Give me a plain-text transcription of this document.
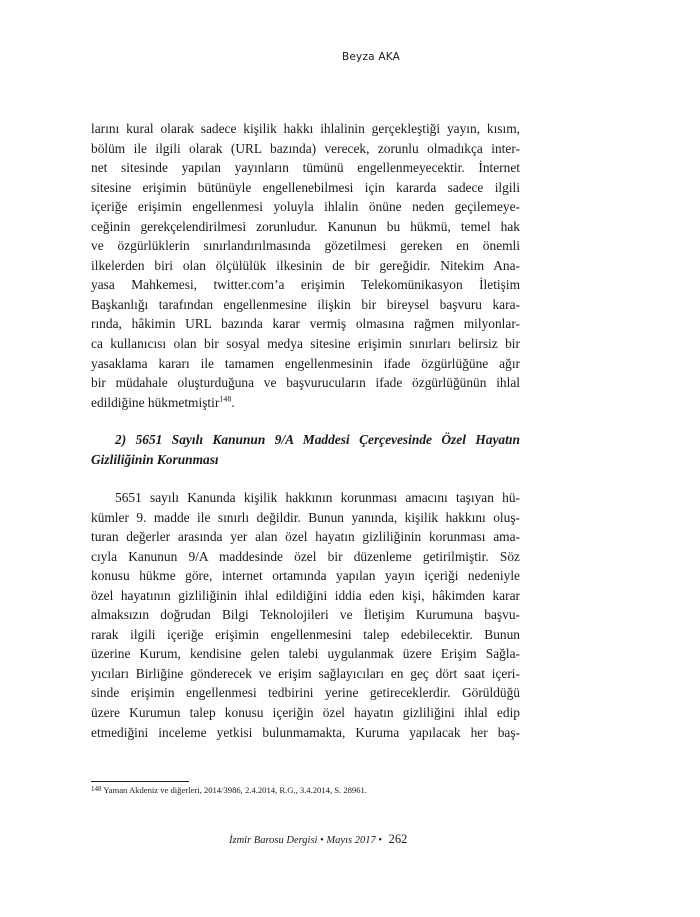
Beyza AKA
larını kural olarak sadece kişilik hakkı ihlalinin gerçekleştiği yayın, kısım,
bölüm ile ilgili olarak (URL bazında) verecek, zorunlu olmadıkça inter-
net sitesinde yapılan yayınların tümünü engellenmeyecektir. İnternet
sitesine erişimin bütünüyle engellenebilmesi için kararda sadece ilgili
içeriğe erişimin engellenmesi yoluyla ihlalin önüne neden geçilemeye-
ceğinin gerekçelendirilmesi zorunludur. Kanunun bu hükmü, temel hak
ve özgürlüklerin sınırlandırılmasında gözetilmesi gereken en önemli
ilkelerden biri olan ölçülülük ilkesinin de bir gereğidir. Nitekim Ana-
yasa Mahkemesi, twitter.com’a erişimin Telekomünikasyon İletişim
Başkanlığı tarafından engellenmesine ilişkin bir bireysel başvuru kara-
rında, hâkimin URL bazında karar vermiş olmasına rağmen milyonlar-
ca kullanıcısı olan bir sosyal medya sitesine erişimin sınırları belirsiz bir
yasaklama kararı ile tamamen engellenmesinin ifade özgürlüğüne ağır
bir müdahale oluşturduğuna ve başvurucuların ifade özgürlüğünün ihlal
edildiğine hükmetmiştir$^{148}$.
2) 5651 Sayılı Kanunun 9/A Maddesi Çerçevesinde Özel Hayatın
Gizliliğinin Korunması
5651 sayılı Kanunda kişilik hakkının korunması amacını taşıyan hü-
kümler 9. madde ile sınırlı değildir. Bunun yanında, kişilik hakkını oluş-
turan değerler arasında yer alan özel hayatın gizliliğinin korunması ama-
cıyla Kanunun 9/A maddesinde özel bir düzenleme getirilmiştir. Söz
konusu hükme göre, internet ortamında yapılan yayın içeriği nedeniyle
özel hayatının gizliliğinin ihlal edildiğini iddia eden kişi, hâkimden karar
almaksızın doğrudan Bilgi Teknolojileri ve İletişim Kurumuna başvu-
rarak ilgili içeriğe erişimin engellenmesini talep edebilecektir. Bunun
üzerine Kurum, kendisine gelen talebi uygulanmak üzere Erişim Sağla-
yıcıları Birliğine gönderecek ve erişim sağlayıcıları en geç dört saat içeri-
sinde erişimin engellenmesi tedbirini yerine getireceklerdir. Görüldüğü
üzere Kurumun talep konusu içeriğin özel hayatın gizliliğini ihlal edip
etmediğini inceleme yetkisi bulunmamakta, Kuruma yapılacak her baş-
$^{148}$ Yaman Akdeniz ve diğerleri, 2014/3986, 2.4.2014, R.G., 3.4.2014, S. 28961.
İzmir Barosu Dergisi • Mayıs 2017 • 262
